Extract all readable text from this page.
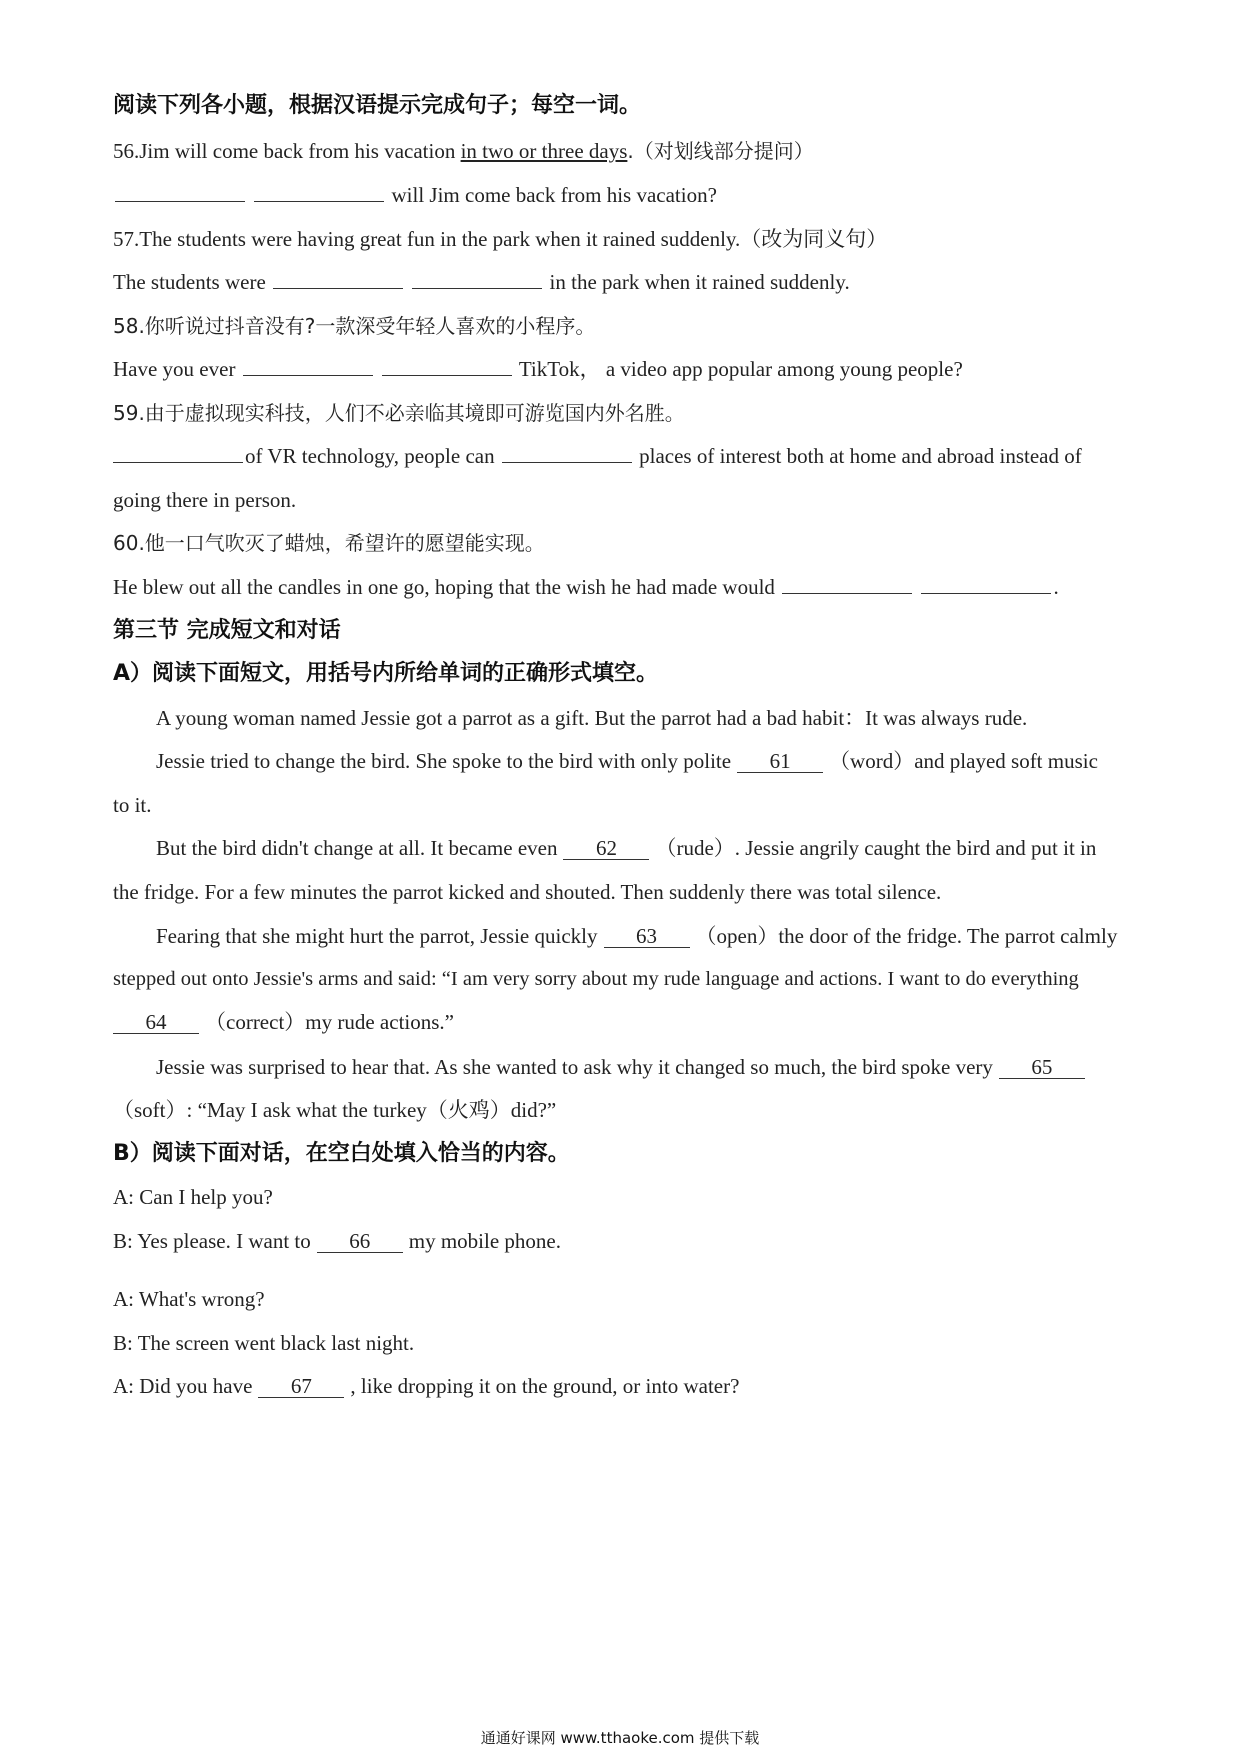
阅读下列各小题，根据汉语提示完成句子；每空一词。
56.Jim will come back from his vacation in two or three days.（对划线部分提问）
will Jim come back from his vacation?
57.The students were having great fun in the park when it rained suddenly.（改为同义句）
The students were	in the park when it rained suddenly.
58.你听说过抖音没有?一款深受年轻人喜欢的小程序。
Have you ever	TikTok， a video app popular among young people?
59.由于虚拟现实科技，人们不必亲临其境即可游览国内外名胜。
of VR technology, people can	places of interest both at home and abroad instead of
going there in person.
60.他一口气吹灭了蜡烛，希望许的愿望能实现。
He blew out all the candles in one go, hoping that the wish he had made would	.
第三节 完成短文和对话
A）阅读下面短文，用括号内所给单词的正确形式填空。
A young woman named Jessie got a parrot as a gift. But the parrot had a bad habit：It was always rude.
Jessie tried to change the bird. She spoke to the bird with only polite 61 （word）and played soft music
to it.
But the bird didn't change at all. It became even 62 （rude）. Jessie angrily caught the bird and put it in
the fridge. For a few minutes the parrot kicked and shouted. Then suddenly there was total silence.
Fearing that she might hurt the parrot, Jessie quickly 63 （open）the door of the fridge. The parrot calmly
stepped out onto Jessie's arms and said: “I am very sorry about my rude language and actions. I want to do everything
64 （correct）my rude actions.”
Jessie was surprised to hear that. As she wanted to ask why it changed so much, the bird spoke very 65
（soft）: “May I ask what the turkey（火鸡）did?”
B）阅读下面对话，在空白处填入恰当的内容。
A: Can I help you?
B: Yes please. I want to 66 my mobile phone.
A: What's wrong?
B: The screen went black last night.
A: Did you have 67 , like dropping it on the ground, or into water?
通通好课网 www.tthaoke.com 提供下载
